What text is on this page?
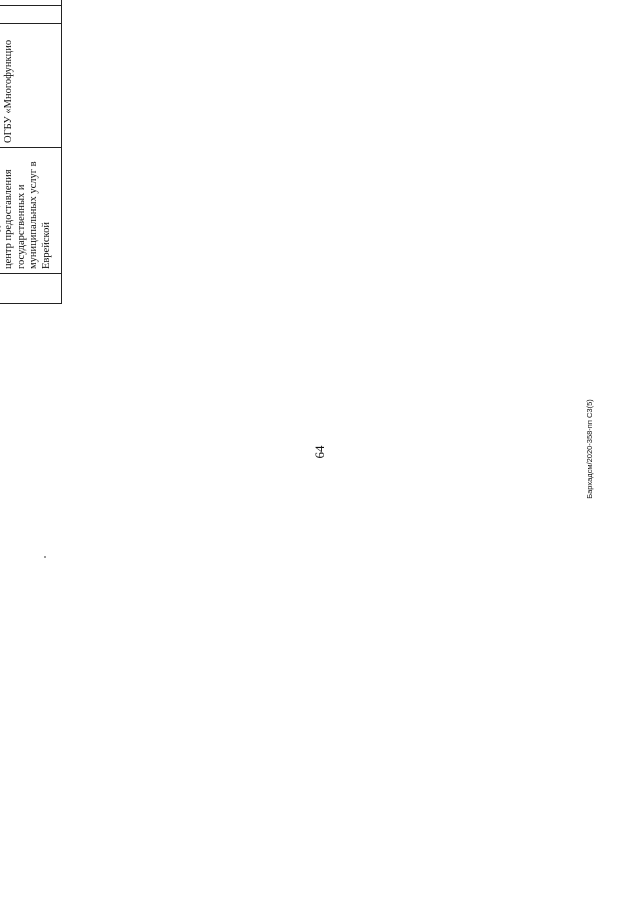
64	Бархадсм/2020-358-пп С3(5)

	центр предоставления государственных и муниципальных услуг в Еврейской	ОГБУ «Многофункцио											
